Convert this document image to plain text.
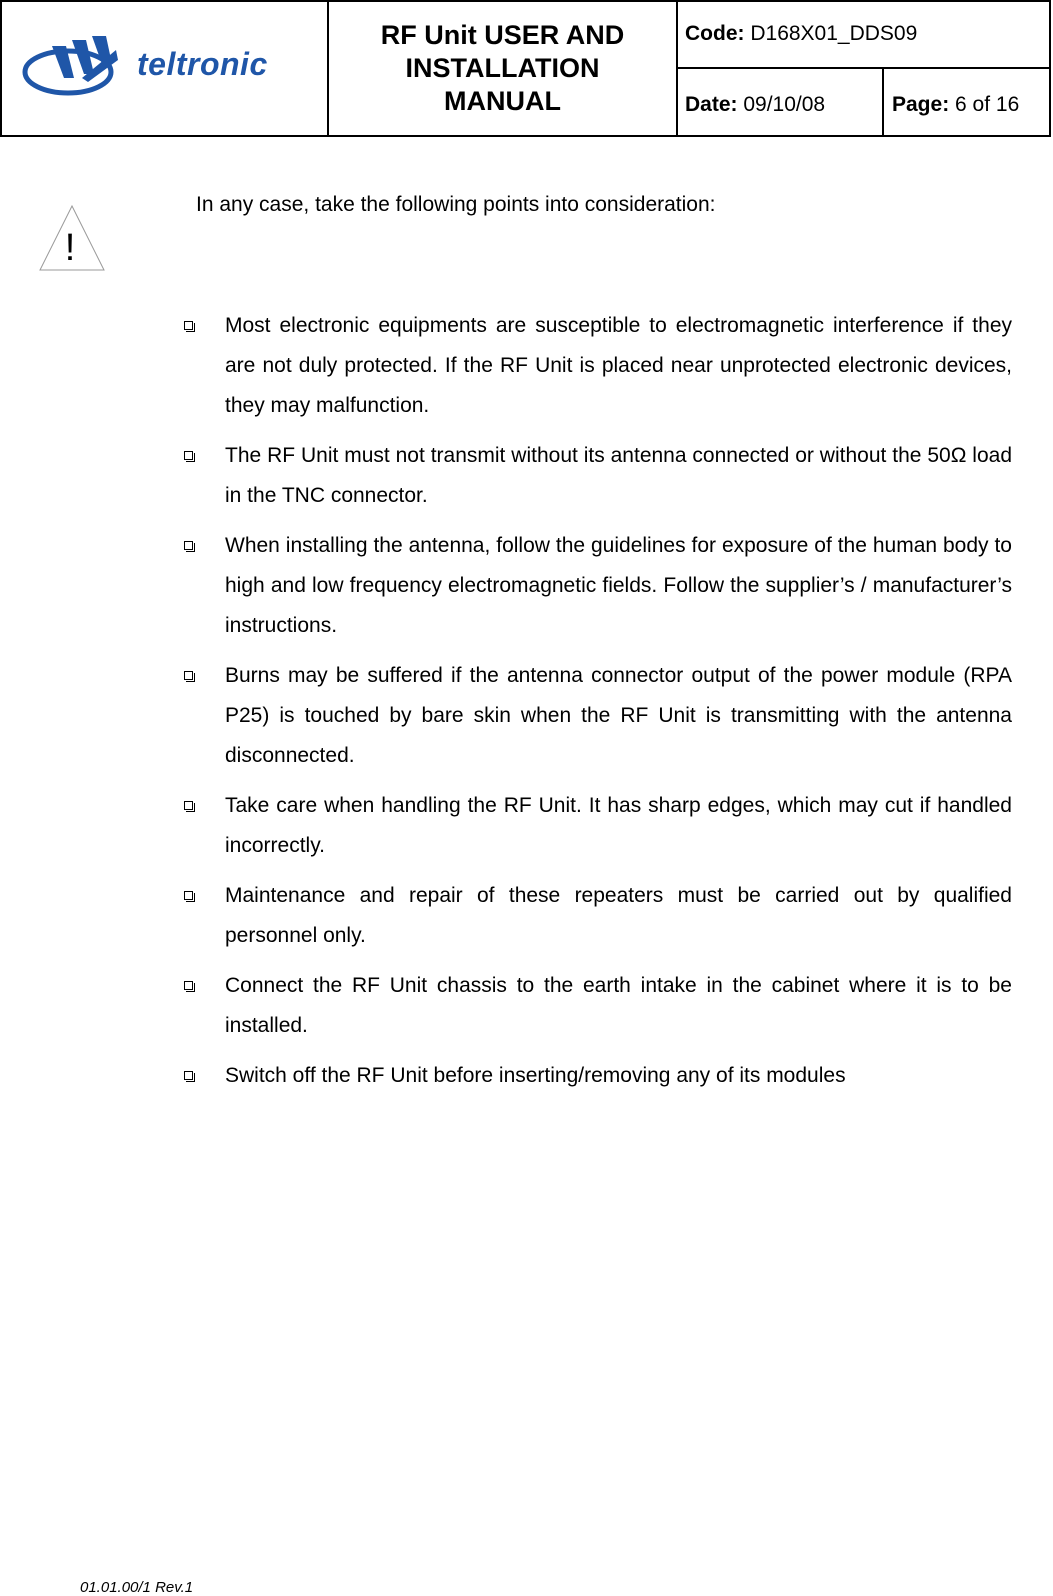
teltronic
RF Unit USER AND INSTALLATION MANUAL
Code: D168X01_DDS09
Date: 09/10/08	Page: 6 of 16
!
In any case, take the following points into consideration:
Most electronic equipments are susceptible to electromagnetic interference if they are not duly protected. If the RF Unit is placed near unprotected electronic devices, they may malfunction.
The RF Unit must not transmit without its antenna connected or without the 50Ω load in the TNC connector.
When installing the antenna, follow the guidelines for exposure of the human body to high and low frequency electromagnetic fields. Follow the supplier’s / manufacturer’s instructions.
Burns may be suffered if the antenna connector output of the power module (RPA P25) is touched by bare skin when the RF Unit is transmitting with the antenna disconnected.
Take care when handling the RF Unit. It has sharp edges, which may cut if handled incorrectly.
Maintenance and repair of these repeaters must be carried out by qualified personnel only.
Connect the RF Unit chassis to the earth intake in the cabinet where it is to be installed.
Switch off the RF Unit before inserting/removing any of its modules
01.01.00/1 Rev.1
